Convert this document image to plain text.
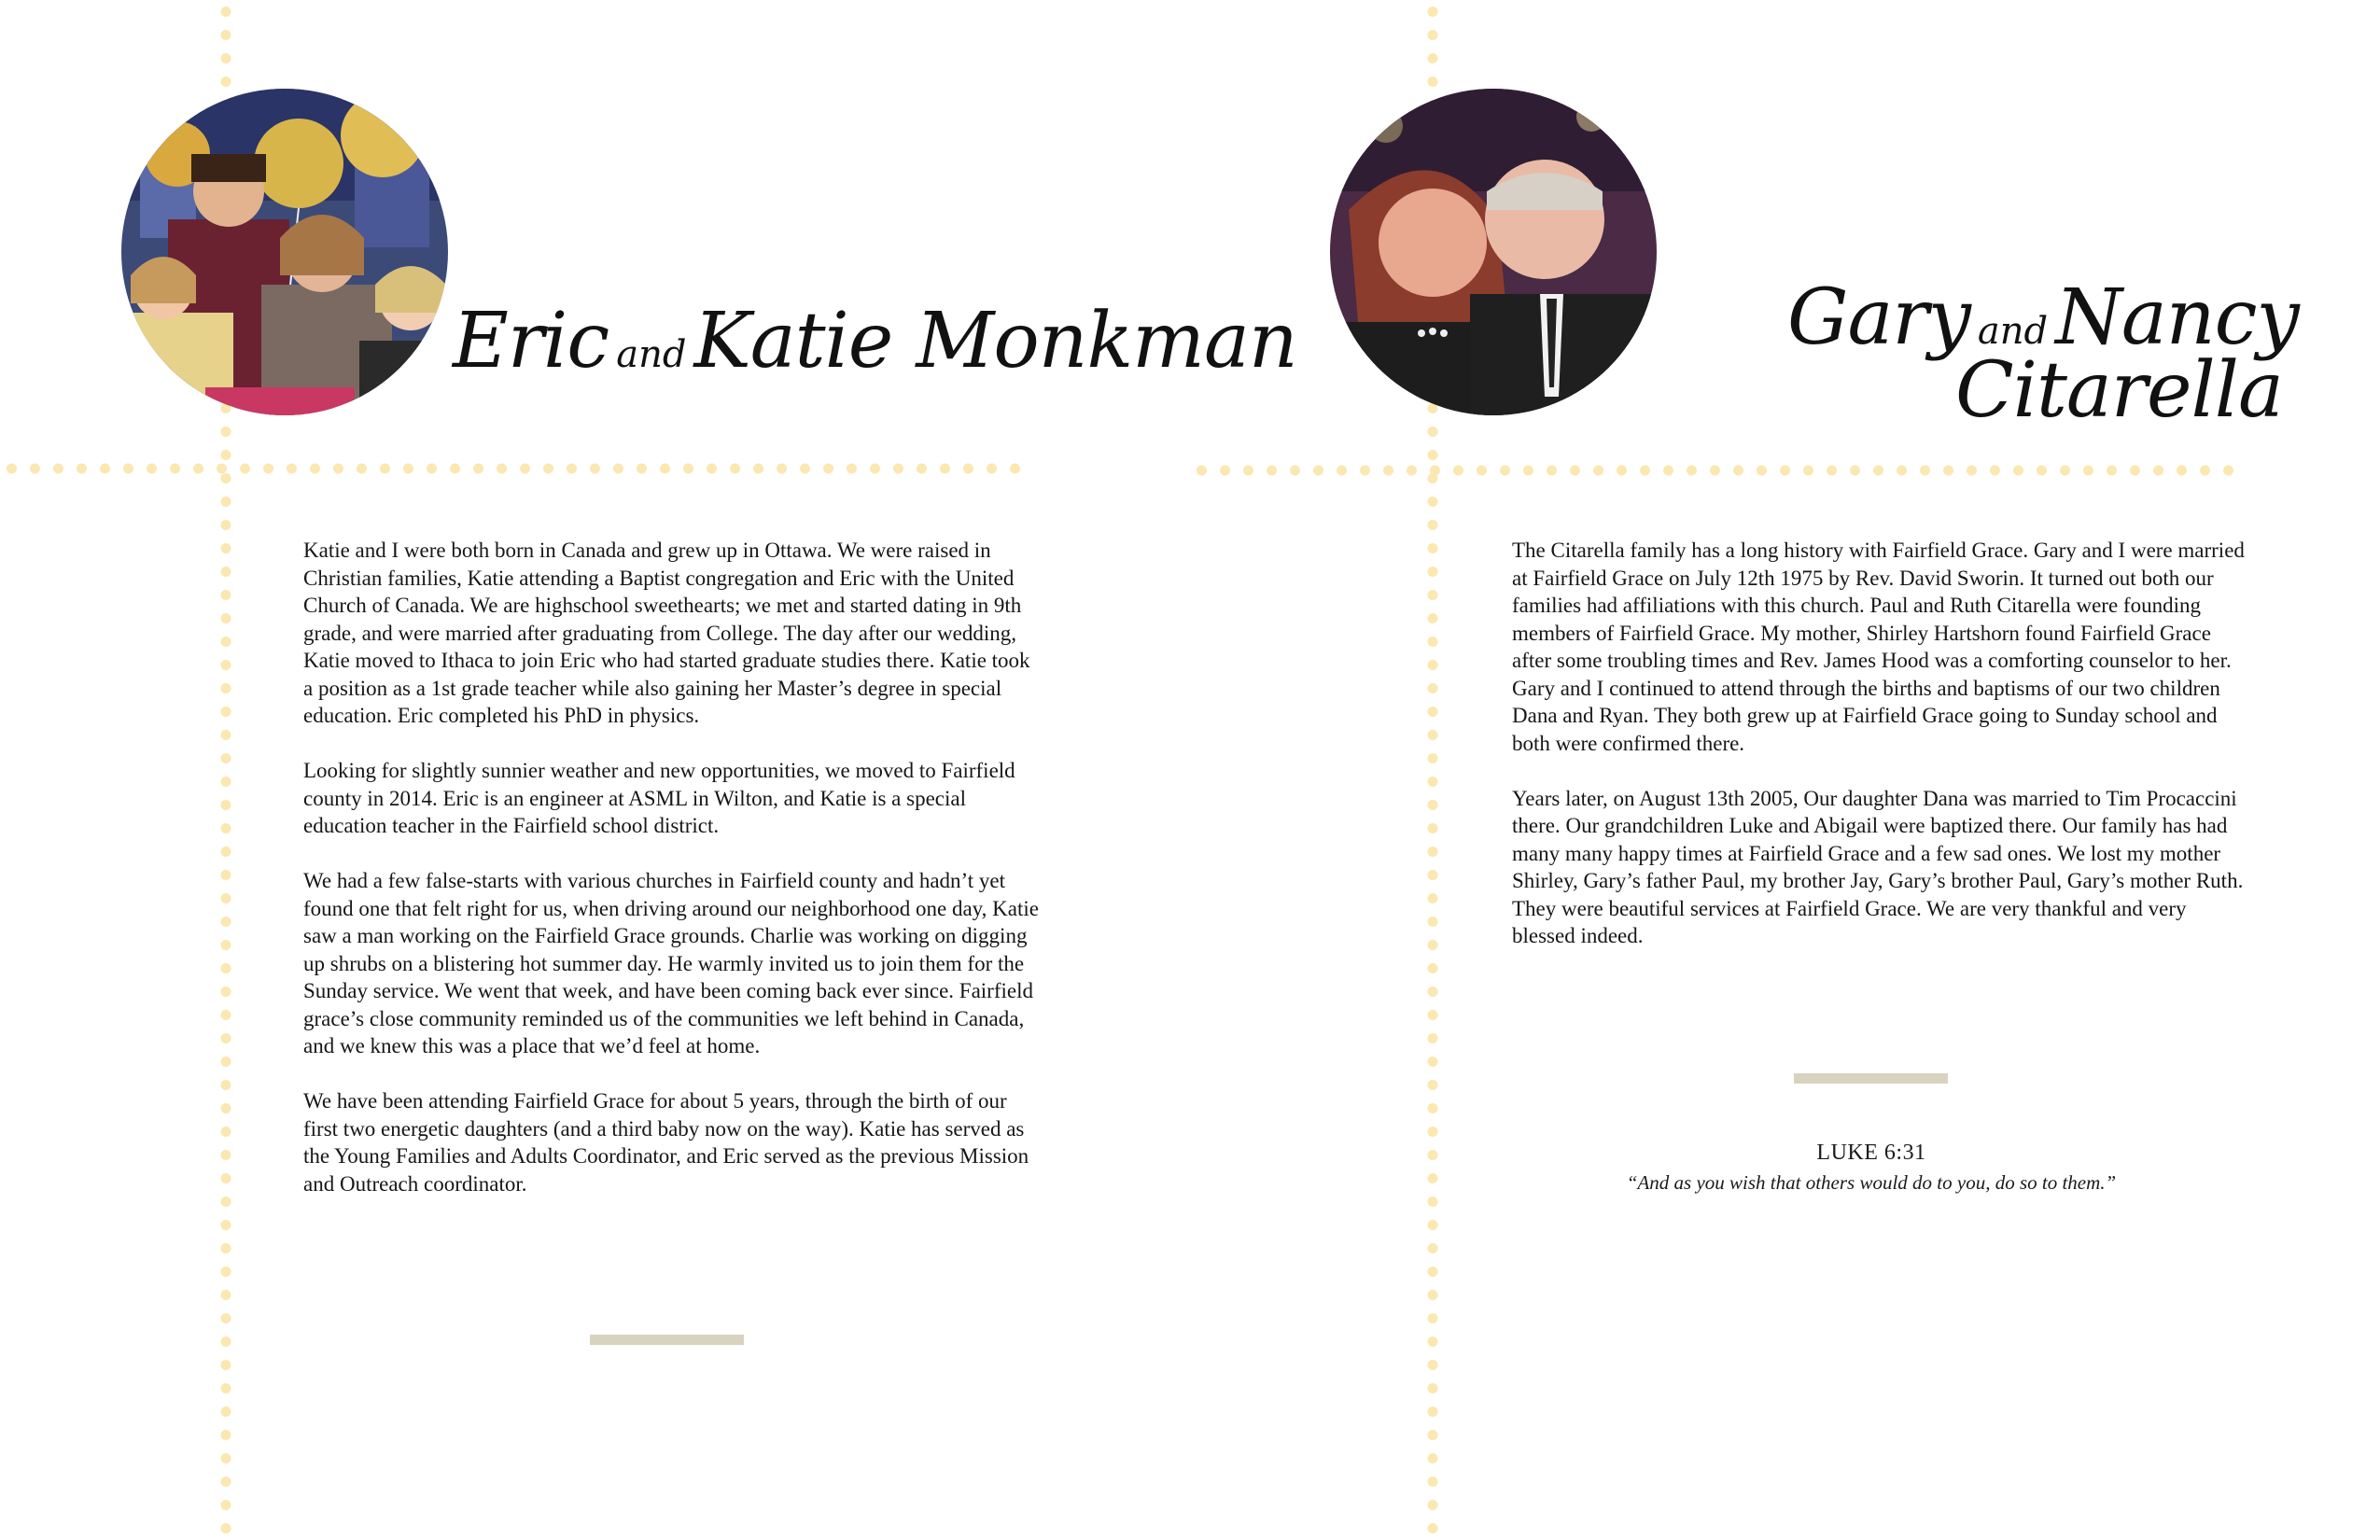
Eric andKatie Monkman

Katie and I were both born in Canada and grew up in Ottawa. We were raised in Christian families, Katie attending a Baptist congregation and Eric with the United Church of Canada. We are highschool sweethearts; we met and started dating in 9th grade, and were married after graduating from College. The day after our wedding, Katie moved to Ithaca to join Eric who had started graduate studies there. Katie took a position as a 1st grade teacher while also gaining her Master’s degree in special education. Eric completed his PhD in physics.

Looking for slightly sunnier weather and new opportunities, we moved to Fairfield county in 2014. Eric is an engineer at ASML in Wilton, and Katie is a special education teacher in the Fairfield school district.

We had a few false-starts with various churches in Fairfield county and hadn’t yet found one that felt right for us, when driving around our neighborhood one day, Katie saw a man working on the Fairfield Grace grounds. Charlie was working on digging up shrubs on a blistering hot summer day. He warmly invited us to join them for the Sunday service. We went that week, and have been coming back ever since. Fairfield grace’s close community reminded us of the communities we left behind in Canada, and we knew this was a place that we’d feel at home.

We have been attending Fairfield Grace for about 5 years, through the birth of our first two energetic daughters (and a third baby now on the way). Katie has served as the Young Families and Adults Coordinator, and Eric served as the previous Mission and Outreach coordinator.

Gary andNancy
Citarella

The Citarella family has a long history with Fairfield Grace. Gary and I were married at Fairfield Grace on July 12th 1975 by Rev. David Sworin. It turned out both our families had affiliations with this church. Paul and Ruth Citarella were founding members of Fairfield Grace. My mother, Shirley Hartshorn found Fairfield Grace after some troubling times and Rev. James Hood was a comforting counselor to her. Gary and I continued to attend through the births and baptisms of our two children Dana and Ryan. They both grew up at Fairfield Grace going to Sunday school and both were confirmed there.

Years later, on August 13th 2005, Our daughter Dana was married to Tim Procaccini there. Our grandchildren Luke and Abigail were baptized there. Our family has had many many happy times at Fairfield Grace and a few sad ones. We lost my mother Shirley, Gary’s father Paul, my brother Jay, Gary’s brother Paul, Gary’s mother Ruth. They were beautiful services at Fairfield Grace. We are very thankful and very blessed indeed.

LUKE 6:31
“And as you wish that others would do to you, do so to them.”
